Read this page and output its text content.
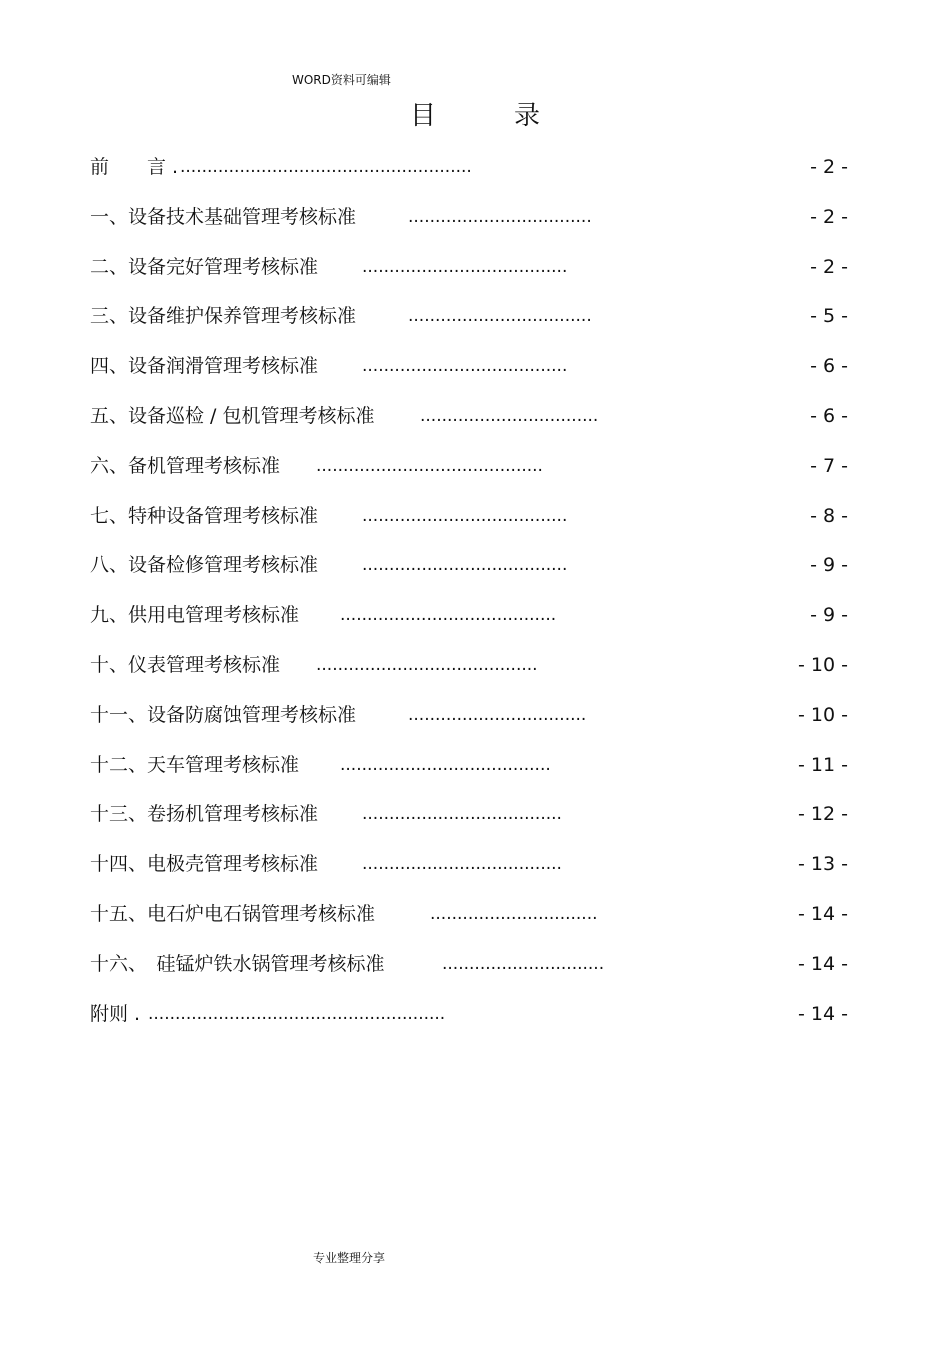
WORD资料可编辑
目　　　录
前　　言 . ......................................................	- 2 -
一、设备技术基础管理考核标准	..................................	- 2 -
二、设备完好管理考核标准	......................................	- 2 -
三、设备维护保养管理考核标准	..................................	- 5 -
四、设备润滑管理考核标准	......................................	- 6 -
五、设备巡检 / 包机管理考核标准	.................................	- 6 -
六、备机管理考核标准 ..........................................	- 7 -
七、特种设备管理考核标准	......................................	- 8 -
八、设备检修管理考核标准	......................................	- 9 -
九、供用电管理考核标准 ........................................	- 9 -
十、仪表管理考核标准 .........................................	- 10 -
十一、设备防腐蚀管理考核标准	.................................	- 10 -
十二、天车管理考核标准 .......................................	- 11 -
十三、卷扬机管理考核标准	.....................................	- 12 -
十四、电极壳管理考核标准	.....................................	- 13 -
十五、电石炉电石锅管理考核标准	...............................	- 14 -
十六、　硅锰炉铁水锅管理考核标准	..............................	- 14 -
附则 . .......................................................	- 14 -
专业整理分享
